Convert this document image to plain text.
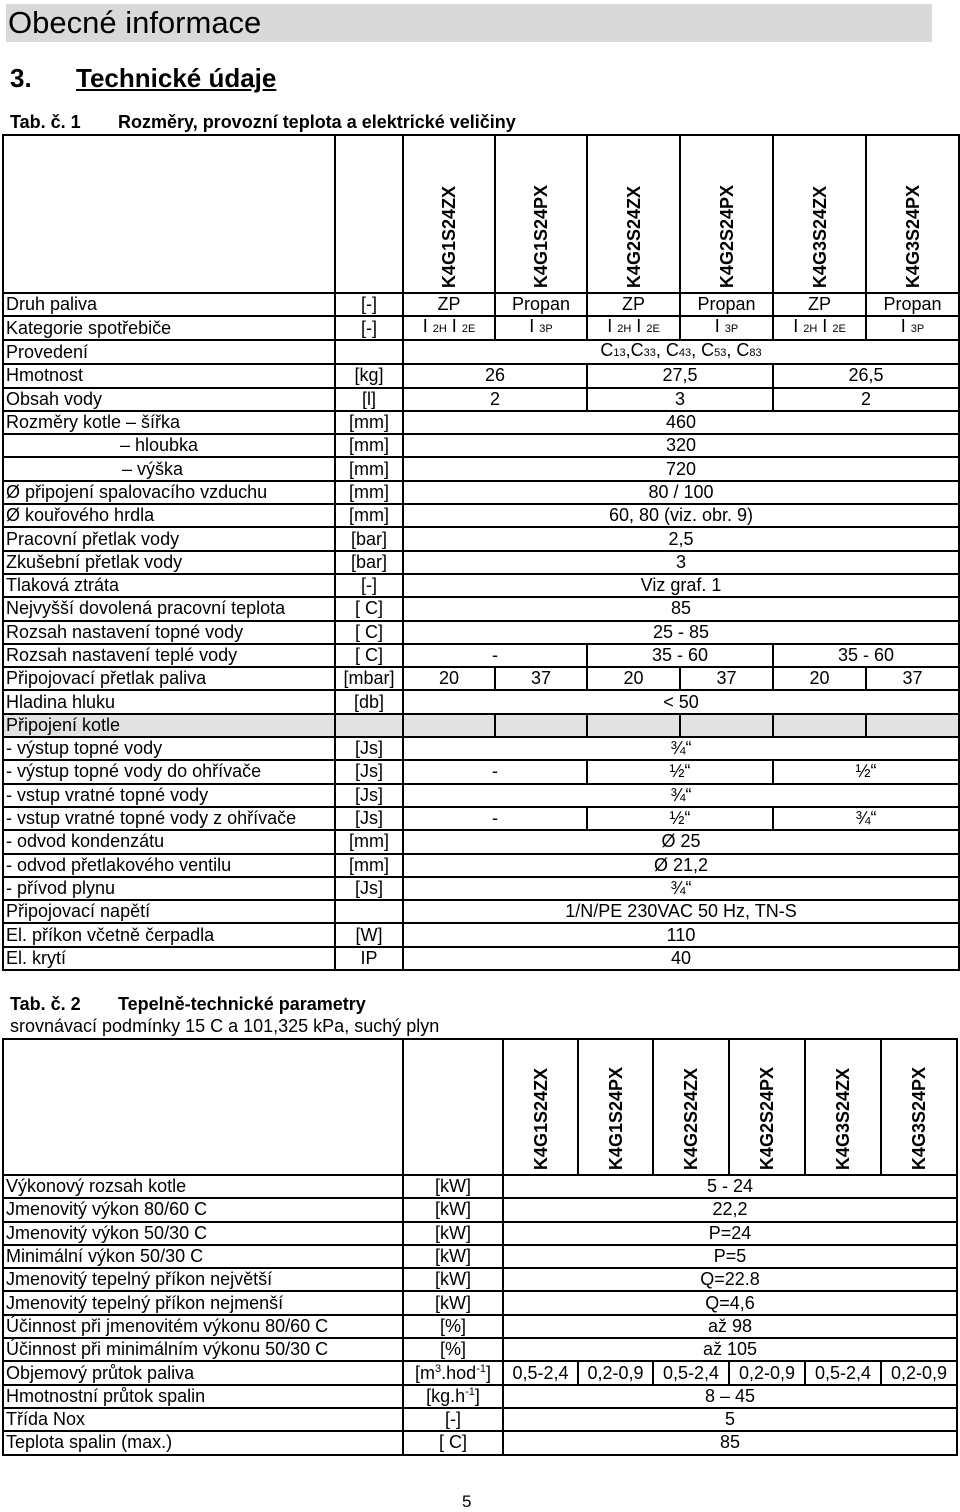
Obecné informace
3. Technické údaje
Tab. č. 1 Rozměry, provozní teplota a elektrické veličiny
		K4G1S24ZX	K4G1S24PX	K4G2S24ZX	K4G2S24PX	K4G3S24ZX	K4G3S24PX
Druh paliva	[-]	ZP	Propan	ZP	Propan	ZP	Propan
Kategorie spotřebiče	[-]	I 2H I 2E	I 3P	I 2H I 2E	I 3P	I 2H I 2E	I 3P
Provedení		C13,C33, C43, C53, C83					
Hmotnost	[kg]	26		27,5		26,5	
Obsah vody	[l]	2		3		2	
Rozměry kotle – šířka	[mm]	460					
– hloubka	[mm]	320					
– výška	[mm]	720					
Ø připojení spalovacího vzduchu	[mm]	80 / 100					
Ø kouřového hrdla	[mm]	60, 80 (viz. obr. 9)					
Pracovní přetlak vody	[bar]	2,5					
Zkušební přetlak vody	[bar]	3					
Tlaková ztráta	[-]	Viz graf. 1					
Nejvyšší dovolená pracovní teplota	[ C]	85					
Rozsah nastavení topné vody	[ C]	25 - 85					
Rozsah nastavení teplé vody	[ C]	-		35 - 60		35 - 60	
Připojovací přetlak paliva	[mbar]	20	37	20	37	20	37
Hladina hluku	[db]	< 50					
Připojení kotle							
- výstup topné vody	[Js]	¾“					
- výstup topné vody do ohřívače	[Js]	-		½“		½“	
- vstup vratné topné vody	[Js]	¾“					
- vstup vratné topné vody z ohřívače	[Js]	-		½“		¾“	
- odvod kondenzátu	[mm]	Ø 25					
- odvod přetlakového ventilu	[mm]	Ø 21,2					
- přívod plynu	[Js]	¾“					
Připojovací napětí		1/N/PE 230VAC 50 Hz, TN-S					
El. příkon včetně čerpadla	[W]	110					
El. krytí	IP	40					
Tab. č. 2 Tepelně-technické parametry
srovnávací podmínky 15 C a 101,325 kPa, suchý plyn
		K4G1S24ZX	K4G1S24PX	K4G2S24ZX	K4G2S24PX	K4G3S24ZX	K4G3S24PX
Výkonový rozsah kotle	[kW]	5 - 24					
Jmenovitý výkon 80/60 C	[kW]	22,2					
Jmenovitý výkon 50/30 C	[kW]	P=24					
Minimální výkon 50/30 C	[kW]	P=5					
Jmenovitý tepelný příkon největší	[kW]	Q=22.8					
Jmenovitý tepelný příkon nejmenší	[kW]	Q=4,6					
Účinnost při jmenovitém výkonu 80/60 C	[%]	až 98					
Účinnost při minimálním výkonu 50/30 C	[%]	až 105					
Objemový průtok paliva	$[m^3.hod^{-1}]$	0,5-2,4	0,2-0,9	0,5-2,4	0,2-0,9	0,5-2,4	0,2-0,9
Hmotnostní průtok spalin	$[kg.h^{-1}]$	8 – 45					
Třída Nox	[-]	5					
Teplota spalin (max.)	[ C]	85					
5
